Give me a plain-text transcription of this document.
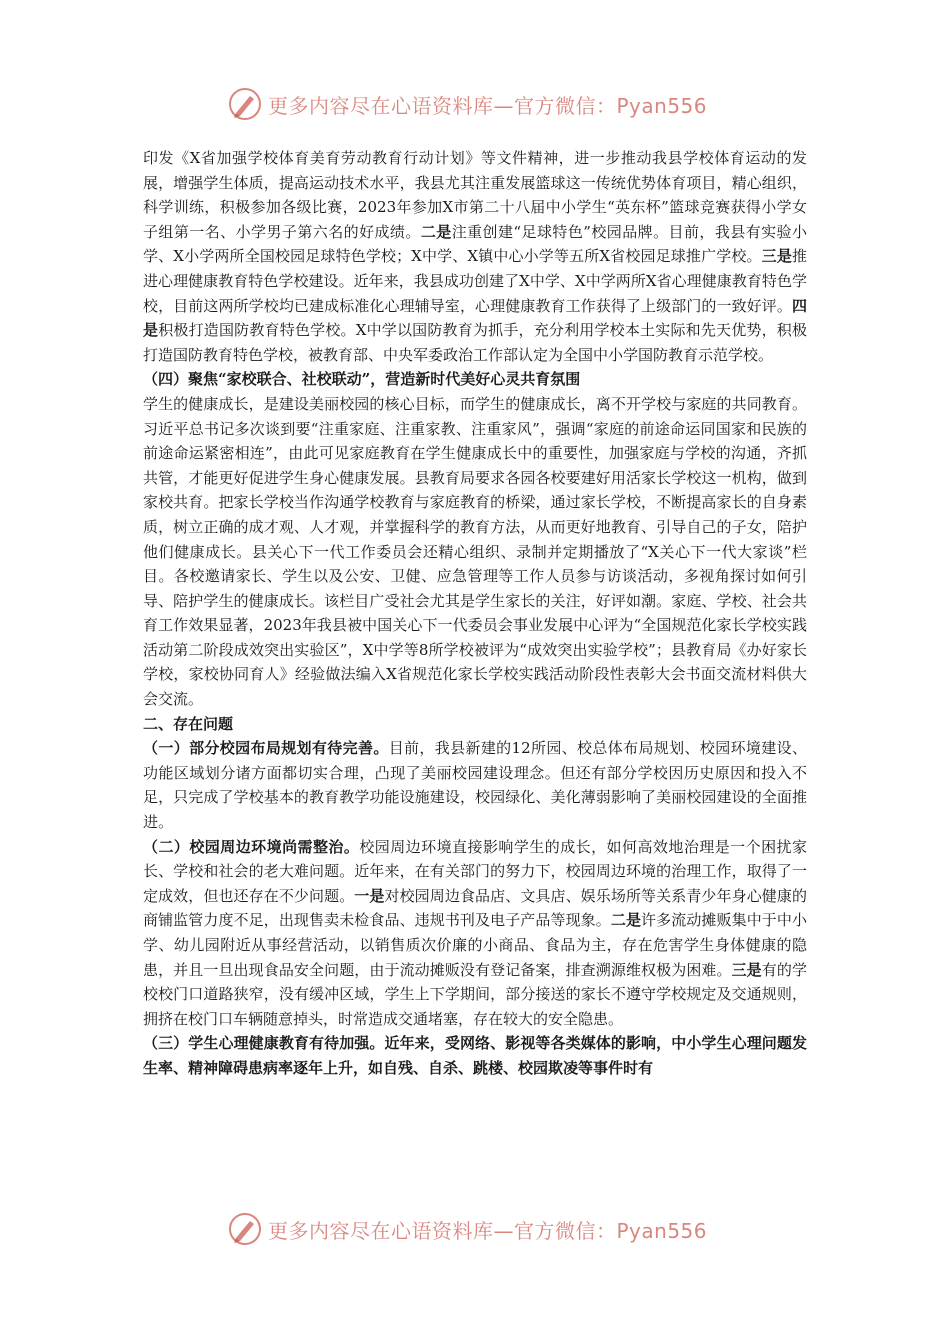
更多内容尽在心语资料库—官方微信：Pyan556

印发《X省加强学校体育美育劳动教育行动计划》等文件精神，进一步推动我县学校体育运动的发展，增强学生体质，提高运动技术水平，我县尤其注重发展篮球这一传统优势体育项目，精心组织，科学训练，积极参加各级比赛，2023年参加X市第二十八届中小学生“英东杯”篮球竞赛获得小学女子组第一名、小学男子第六名的好成绩。二是注重创建“足球特色”校园品牌。目前，我县有实验小学、X小学两所全国校园足球特色学校；X中学、X镇中心小学等五所X省校园足球推广学校。三是推进心理健康教育特色学校建设。近年来，我县成功创建了X中学、X中学两所X省心理健康教育特色学校，目前这两所学校均已建成标准化心理辅导室，心理健康教育工作获得了上级部门的一致好评。四是积极打造国防教育特色学校。X中学以国防教育为抓手，充分利用学校本土实际和先天优势，积极打造国防教育特色学校，被教育部、中央军委政治工作部认定为全国中小学国防教育示范学校。

（四）聚焦“家校联合、社校联动”，营造新时代美好心灵共育氛围

学生的健康成长，是建设美丽校园的核心目标，而学生的健康成长，离不开学校与家庭的共同教育。习近平总书记多次谈到要“注重家庭、注重家教、注重家风”，强调“家庭的前途命运同国家和民族的前途命运紧密相连”，由此可见家庭教育在学生健康成长中的重要性，加强家庭与学校的沟通，齐抓共管，才能更好促进学生身心健康发展。县教育局要求各园各校要建好用活家长学校这一机构，做到家校共育。把家长学校当作沟通学校教育与家庭教育的桥梁，通过家长学校，不断提高家长的自身素质，树立正确的成才观、人才观，并掌握科学的教育方法，从而更好地教育、引导自己的子女，陪护他们健康成长。县关心下一代工作委员会还精心组织、录制并定期播放了“X关心下一代大家谈”栏目。各校邀请家长、学生以及公安、卫健、应急管理等工作人员参与访谈活动，多视角探讨如何引导、陪护学生的健康成长。该栏目广受社会尤其是学生家长的关注，好评如潮。家庭、学校、社会共育工作效果显著，2023年我县被中国关心下一代委员会事业发展中心评为“全国规范化家长学校实践活动第二阶段成效突出实验区”，X中学等8所学校被评为“成效突出实验学校”；县教育局《办好家长学校，家校协同育人》经验做法编入X省规范化家长学校实践活动阶段性表彰大会书面交流材料供大会交流。

二、存在问题

（一）部分校园布局规划有待完善。目前，我县新建的12所园、校总体布局规划、校园环境建设、功能区域划分诸方面都切实合理，凸现了美丽校园建设理念。但还有部分学校因历史原因和投入不足，只完成了学校基本的教育教学功能设施建设，校园绿化、美化薄弱影响了美丽校园建设的全面推进。

（二）校园周边环境尚需整治。校园周边环境直接影响学生的成长，如何高效地治理是一个困扰家长、学校和社会的老大难问题。近年来，在有关部门的努力下，校园周边环境的治理工作，取得了一定成效，但也还存在不少问题。一是对校园周边食品店、文具店、娱乐场所等关系青少年身心健康的商铺监管力度不足，出现售卖未检食品、违规书刊及电子产品等现象。二是许多流动摊贩集中于中小学、幼儿园附近从事经营活动，以销售质次价廉的小商品、食品为主，存在危害学生身体健康的隐患，并且一旦出现食品安全问题，由于流动摊贩没有登记备案，排查溯源维权极为困难。三是有的学校校门口道路狭窄，没有缓冲区域，学生上下学期间，部分接送的家长不遵守学校规定及交通规则，拥挤在校门口车辆随意掉头，时常造成交通堵塞，存在较大的安全隐患。

（三）学生心理健康教育有待加强。近年来，受网络、影视等各类媒体的影响，中小学生心理问题发生率、精神障碍患病率逐年上升，如自残、自杀、跳楼、校园欺凌等事件时有

更多内容尽在心语资料库—官方微信：Pyan556
